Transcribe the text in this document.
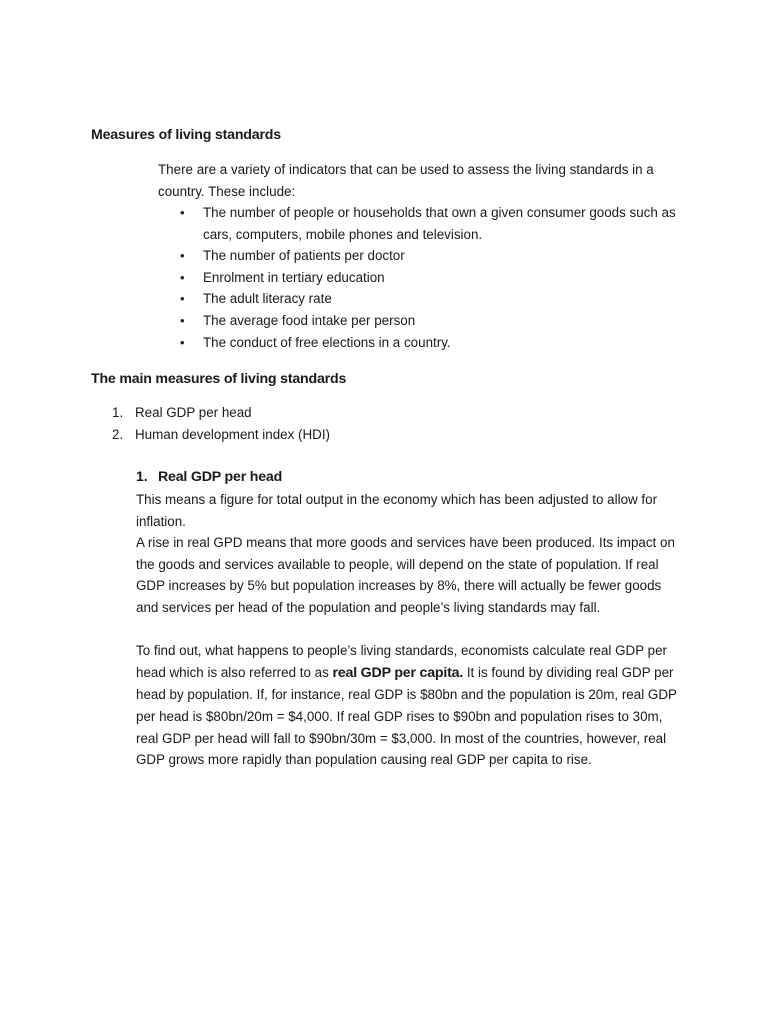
Measures of living standards

There are a variety of indicators that can be used to assess the living standards in a country. These include:

• The number of people or households that own a given consumer goods such as cars, computers, mobile phones and television.
• The number of patients per doctor
• Enrolment in tertiary education
• The adult literacy rate
• The average food intake per person
• The conduct of free elections in a country.
The main measures of living standards
1. Real GDP per head
2. Human development index (HDI)
1. Real GDP per head

This means a figure for total output in the economy which has been adjusted to allow for inflation.

A rise in real GPD means that more goods and services have been produced. Its impact on the goods and services available to people, will depend on the state of population. If real GDP increases by 5% but population increases by 8%, there will actually be fewer goods and services per head of the population and people’s living standards may fall.

To find out, what happens to people’s living standards, economists calculate real GDP per head which is also referred to as real GDP per capita. It is found by dividing real GDP per head by population. If, for instance, real GDP is $80bn and the population is 20m, real GDP per head is $80bn/20m = $4,000. If real GDP rises to $90bn and population rises to 30m, real GDP per head will fall to $90bn/30m = $3,000. In most of the countries, however, real GDP grows more rapidly than population causing real GDP per capita to rise.
